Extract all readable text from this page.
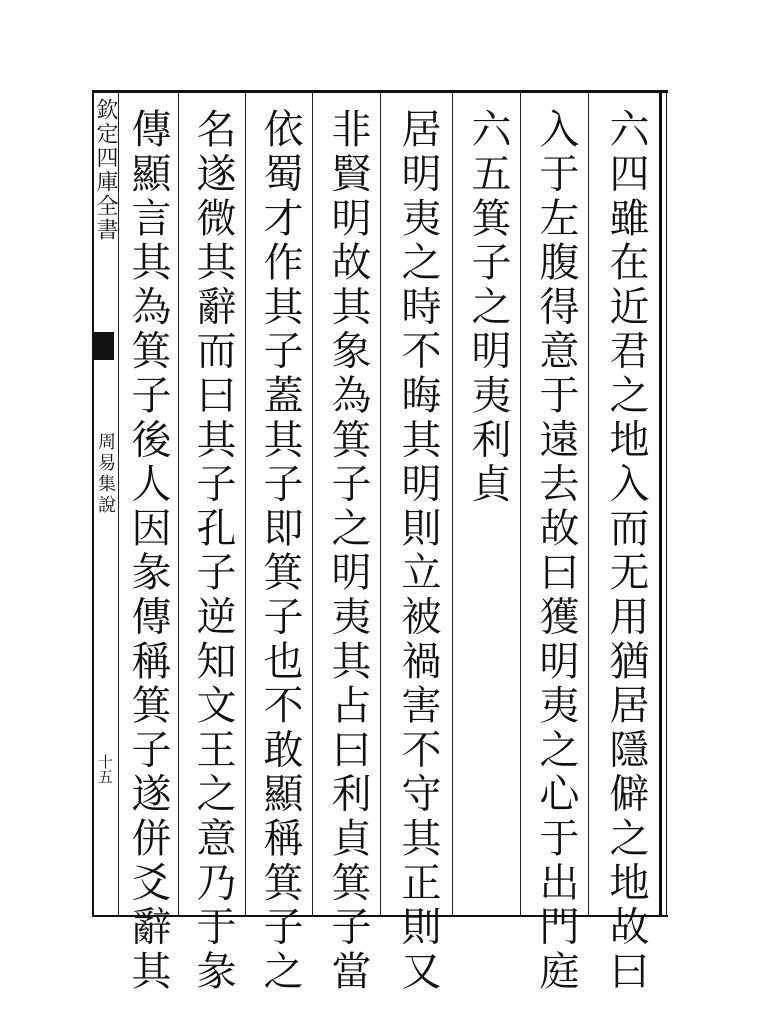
欽定四庫全書
周易集說
十五	六四雖在近君之地入而无用猶居隱僻之地故曰
入于左腹得意于遠去故曰獲明夷之心于出門庭
六五箕子之明夷利貞
居明夷之時不晦其明則立被禍害不守其正則又
非賢明故其象為箕子之明夷其占曰利貞箕子當
依蜀才作其子蓋其子即箕子也不敢顯稱箕子之
名遂微其辭而曰其子孔子逆知文王之意乃于彖
傳顯言其為箕子後人因彖傳稱箕子遂併爻辭其
